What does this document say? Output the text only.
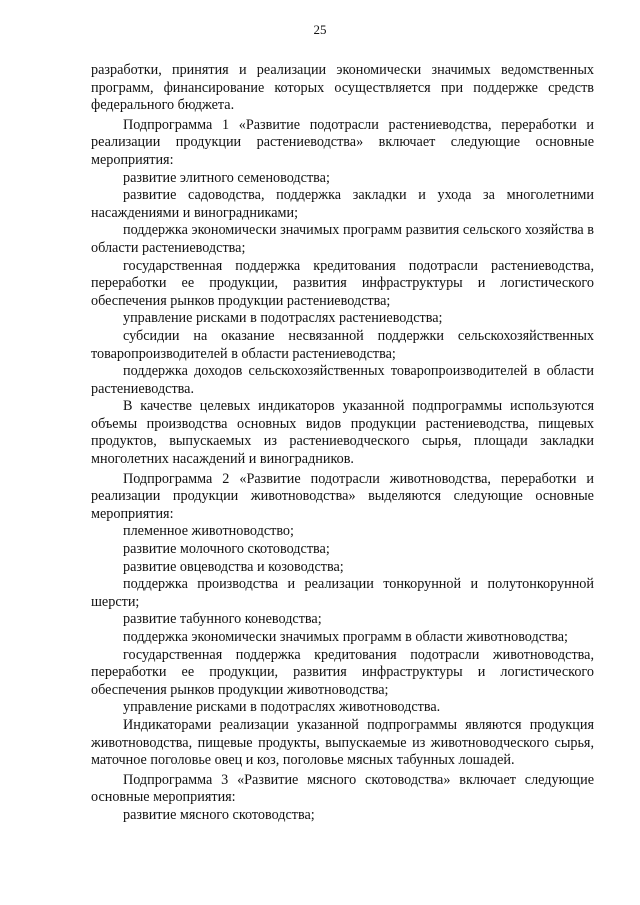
25

разработки, принятия и реализации экономически значимых ведомственных программ, финансирование которых осуществляется при поддержке средств федерального бюджета.

Подпрограмма 1 «Развитие подотрасли растениеводства, переработки и реализации продукции растениеводства» включает следующие основные мероприятия:

развитие элитного семеноводства;

развитие садоводства, поддержка закладки и ухода за многолетними насаждениями и виноградниками;

поддержка экономически значимых программ развития сельского хозяйства в области растениеводства;

государственная поддержка кредитования подотрасли растениеводства, переработки ее продукции, развития инфраструктуры и логистического обеспечения рынков продукции растениеводства;

управление рисками в подотраслях растениеводства;

субсидии на оказание несвязанной поддержки сельскохозяйственных товаропроизводителей в области растениеводства;

поддержка доходов сельскохозяйственных товаропроизводителей в области растениеводства.

В качестве целевых индикаторов указанной подпрограммы используются объемы производства основных видов продукции растениеводства, пищевых продуктов, выпускаемых из растениеводческого сырья, площади закладки многолетних насаждений и виноградников.

Подпрограмма 2 «Развитие подотрасли животноводства, переработки и реализации продукции животноводства» выделяются следующие основные мероприятия:

племенное животноводство;

развитие молочного скотоводства;

развитие овцеводства и козоводства;

поддержка производства и реализации тонкорунной и полутонкорунной шерсти;

развитие табунного коневодства;

поддержка экономически значимых программ в области животноводства;

государственная поддержка кредитования подотрасли животноводства, переработки ее продукции, развития инфраструктуры и логистического обеспечения рынков продукции животноводства;

управление рисками в подотраслях животноводства.

Индикаторами реализации указанной подпрограммы являются продукция животноводства, пищевые продукты, выпускаемые из животноводческого сырья, маточное поголовье овец и коз, поголовье мясных табунных лошадей.

Подпрограмма 3 «Развитие мясного скотоводства» включает следующие основные мероприятия:

развитие мясного скотоводства;
